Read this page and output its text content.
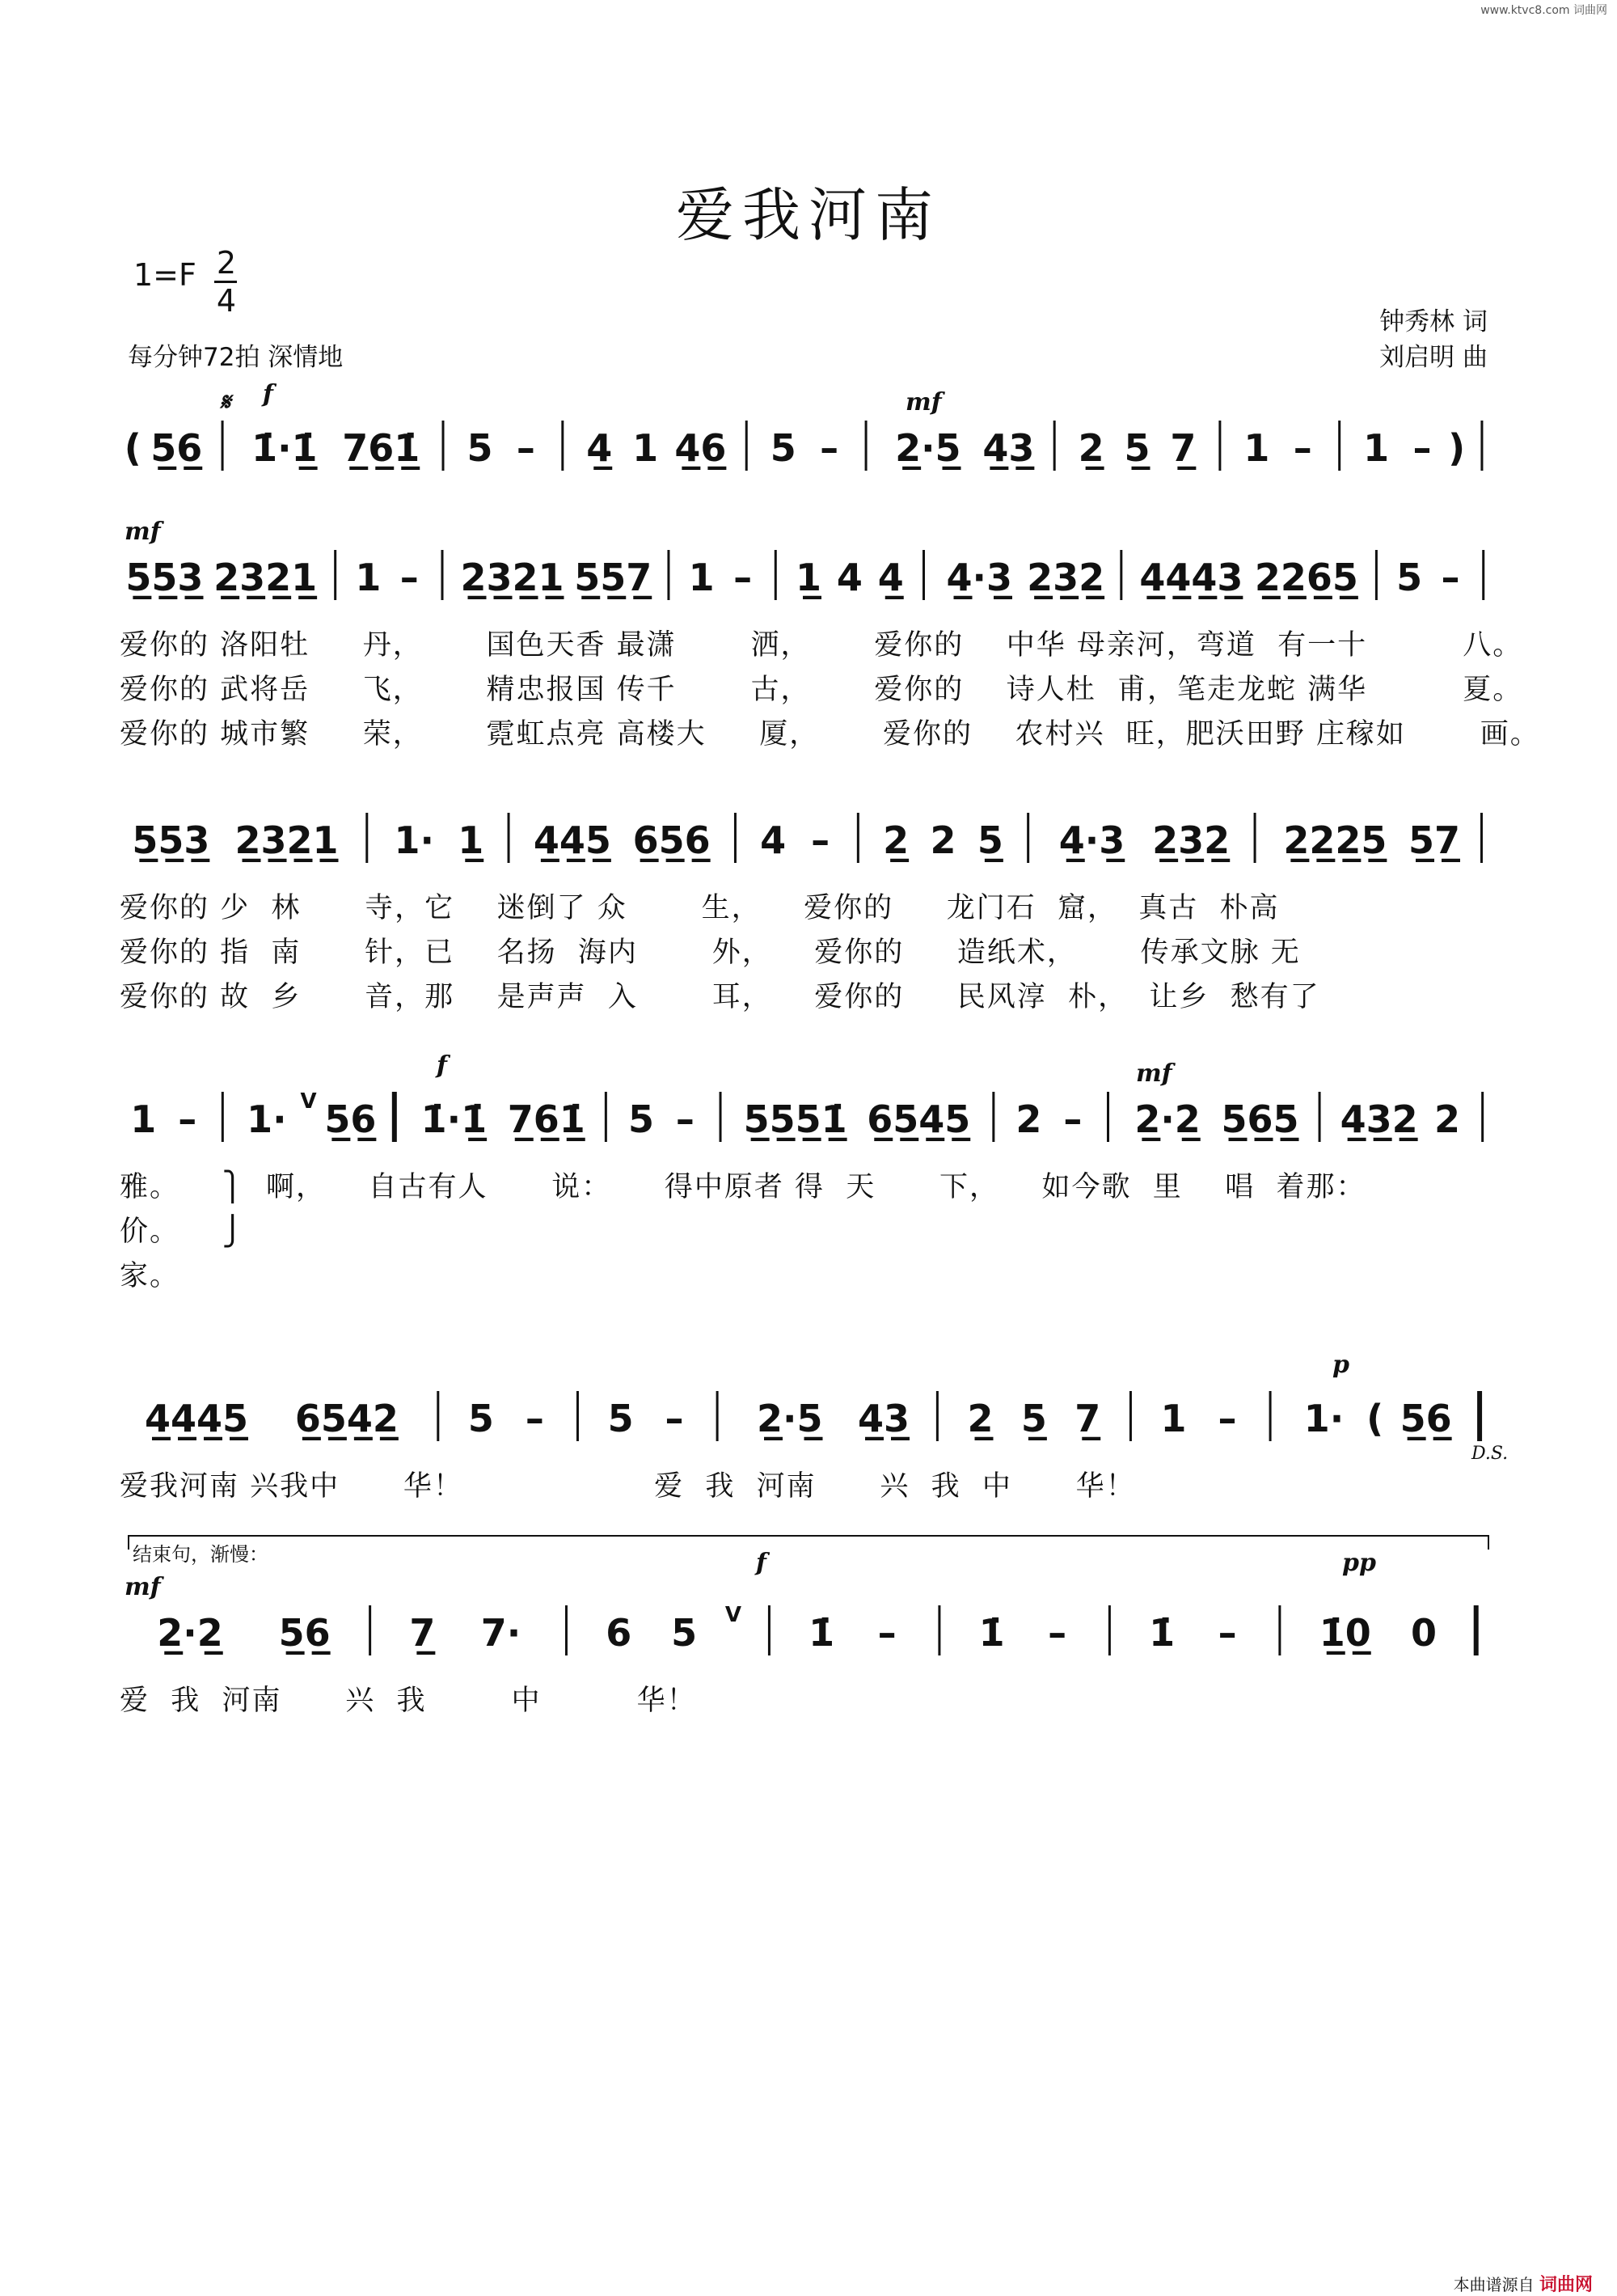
www.ktvc8.com 词曲网
爱我河南
1=F 2
4
每分钟72拍 深情地
钟秀林 词
刘启明 曲
𝄋 f	mf
( 5̲6̲ 1̇·1̲̇ 7̲6̲1̲̇ 5 – 4̲ 1 4̲6̲ 5 – 2̲·5̲ 4̲3̲ 2̲ 5̲ 7̲ 1 – 1 – )
mf
5̲5̲3̲ 2̲3̲2̲1̲ 1 – 2̲3̲2̲1̲ 5̲5̲7̲ 1 – 1̲ 4 4̲ 4̲·3̲ 2̲3̲2̲ 4̲4̲4̲3̲ 2̲2̲6̲5̲ 5 –
爱你的 洛阳牡     丹，      国色天香 最潇       洒，      爱你的    中华 母亲河，弯道  有一十         八。
爱你的 武将岳     飞，      精忠报国 传千       古，      爱你的    诗人杜  甫，笔走龙蛇 满华         夏。
爱你的 城市繁     荣，      霓虹点亮 高楼大     厦，      爱你的    农村兴  旺，肥沃田野 庄稼如       画。
5̲5̲3̲ 2̲3̲2̲1̲ 1· 1̲ 4̲4̲5̲ 6̲5̲6̲ 4 – 2̲ 2 5̲ 4̲·3̲ 2̲3̲2̲ 2̲2̲2̲5̲ 5̲7̲
爱你的 少  林      寺，它    迷倒了 众       生，    爱你的     龙门石  窟，  真古  朴高
爱你的 指  南      针，已    名扬  海内       外，    爱你的     造纸术，      传承文脉 无
爱你的 故  乡      音，那    是声声  入       耳，    爱你的     民风淳  朴，  让乡  愁有了
f	mf
1 – 1· ᐯ 5̲6̲ 1̇·1̲̇ 7̲6̲1̲̇ 5 – 5̲5̲5̲1̲̇ 6̲5̲4̲5̲ 2 – 2̲·2̲ 5̲6̲5̲ 4̲3̲2̲ 2
雅。    ⎫  啊，    自古有人      说：     得中原者 得  天      下，    如今歌  里    唱  着那：
价。    ⎭
家。
p
D.S.
4̲4̲4̲5̲ 6̲5̲4̲2̲ 5 – 5 – 2̲·5̲ 4̲3̲ 2̲ 5̲ 7̲ 1 – 1· ( 5̲6̲
爱我河南 兴我中      华！                  爱  我  河南      兴  我  中      华！
结束句，渐慢：
mf
f	pp
2̲·2̲ 5̲6̲ 7̲ 7· 6 5 ᐯ 1̇ – 1̇ – 1̇ – 1̲̇0̲ 0
爱  我  河南      兴  我        中         华！
本曲谱源自 词曲网
